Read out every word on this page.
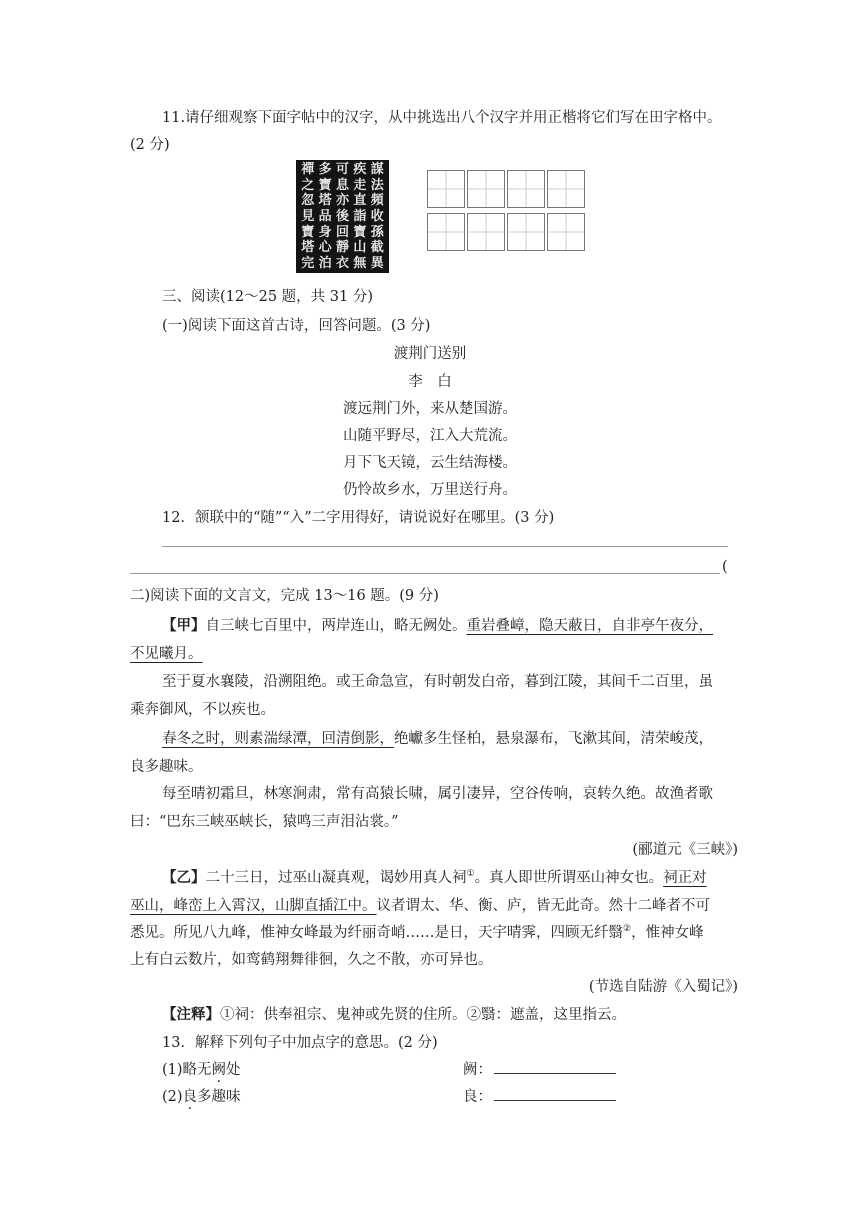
11.请仔细观察下面字帖中的汉字，从中挑选出八个汉字并用正楷将它们写在田字格中。
(2 分)
謀
法
頻
收
孫
截
異
疾
走
直
詣
寶
山
無
可
息
亦
後
回
靜
衣
多
寶
塔
品
身
心
泊
禪
之
忽
見
寶
塔
完
三、阅读(12～25 题，共 31 分)
(一)阅读下面这首古诗，回答问题。(3 分)
渡荆门送别
李　白
渡远荆门外，来从楚国游。
山随平野尽，江入大荒流。
月下飞天镜，云生结海楼。
仍怜故乡水，万里送行舟。
12．颔联中的“随”“入”二字用得好，请说说好在哪里。(3 分)
(
二)阅读下面的文言文，完成 13～16 题。(9 分)
【甲】自三峡七百里中，两岸连山，略无阙处。重岩叠嶂，隐天蔽日，自非亭午夜分，
不见曦月。
至于夏水襄陵，沿溯阻绝。或王命急宣，有时朝发白帝，暮到江陵，其间千二百里，虽
乘奔御风，不以疾也。
春冬之时，则素湍绿潭，回清倒影，绝巘多生怪柏，悬泉瀑布，飞漱其间，清荣峻茂，
良多趣味。
每至晴初霜旦，林寒涧肃，常有高猿长啸，属引凄异，空谷传响，哀转久绝。故渔者歌
曰：“巴东三峡巫峡长，猿鸣三声泪沾裳。”
(郦道元《三峡》)
【乙】二十三日，过巫山凝真观，谒妙用真人祠①。真人即世所谓巫山神女也。祠正对
巫山，峰峦上入霄汉，山脚直插江中。议者谓太、华、衡、庐，皆无此奇。然十二峰者不可
悉见。所见八九峰，惟神女峰最为纤丽奇峭……是日，天宇晴霁，四顾无纤翳②，惟神女峰
上有白云数片，如鸾鹤翔舞徘徊，久之不散，亦可异也。
(节选自陆游《入蜀记》)
【注释】①祠：供奉祖宗、鬼神或先贤的住所。②翳：遮盖，这里指云。
13．解释下列句子中加点字的意思。(2 分)
(1)略无阙处	阙：
(2)良多趣味	良：
